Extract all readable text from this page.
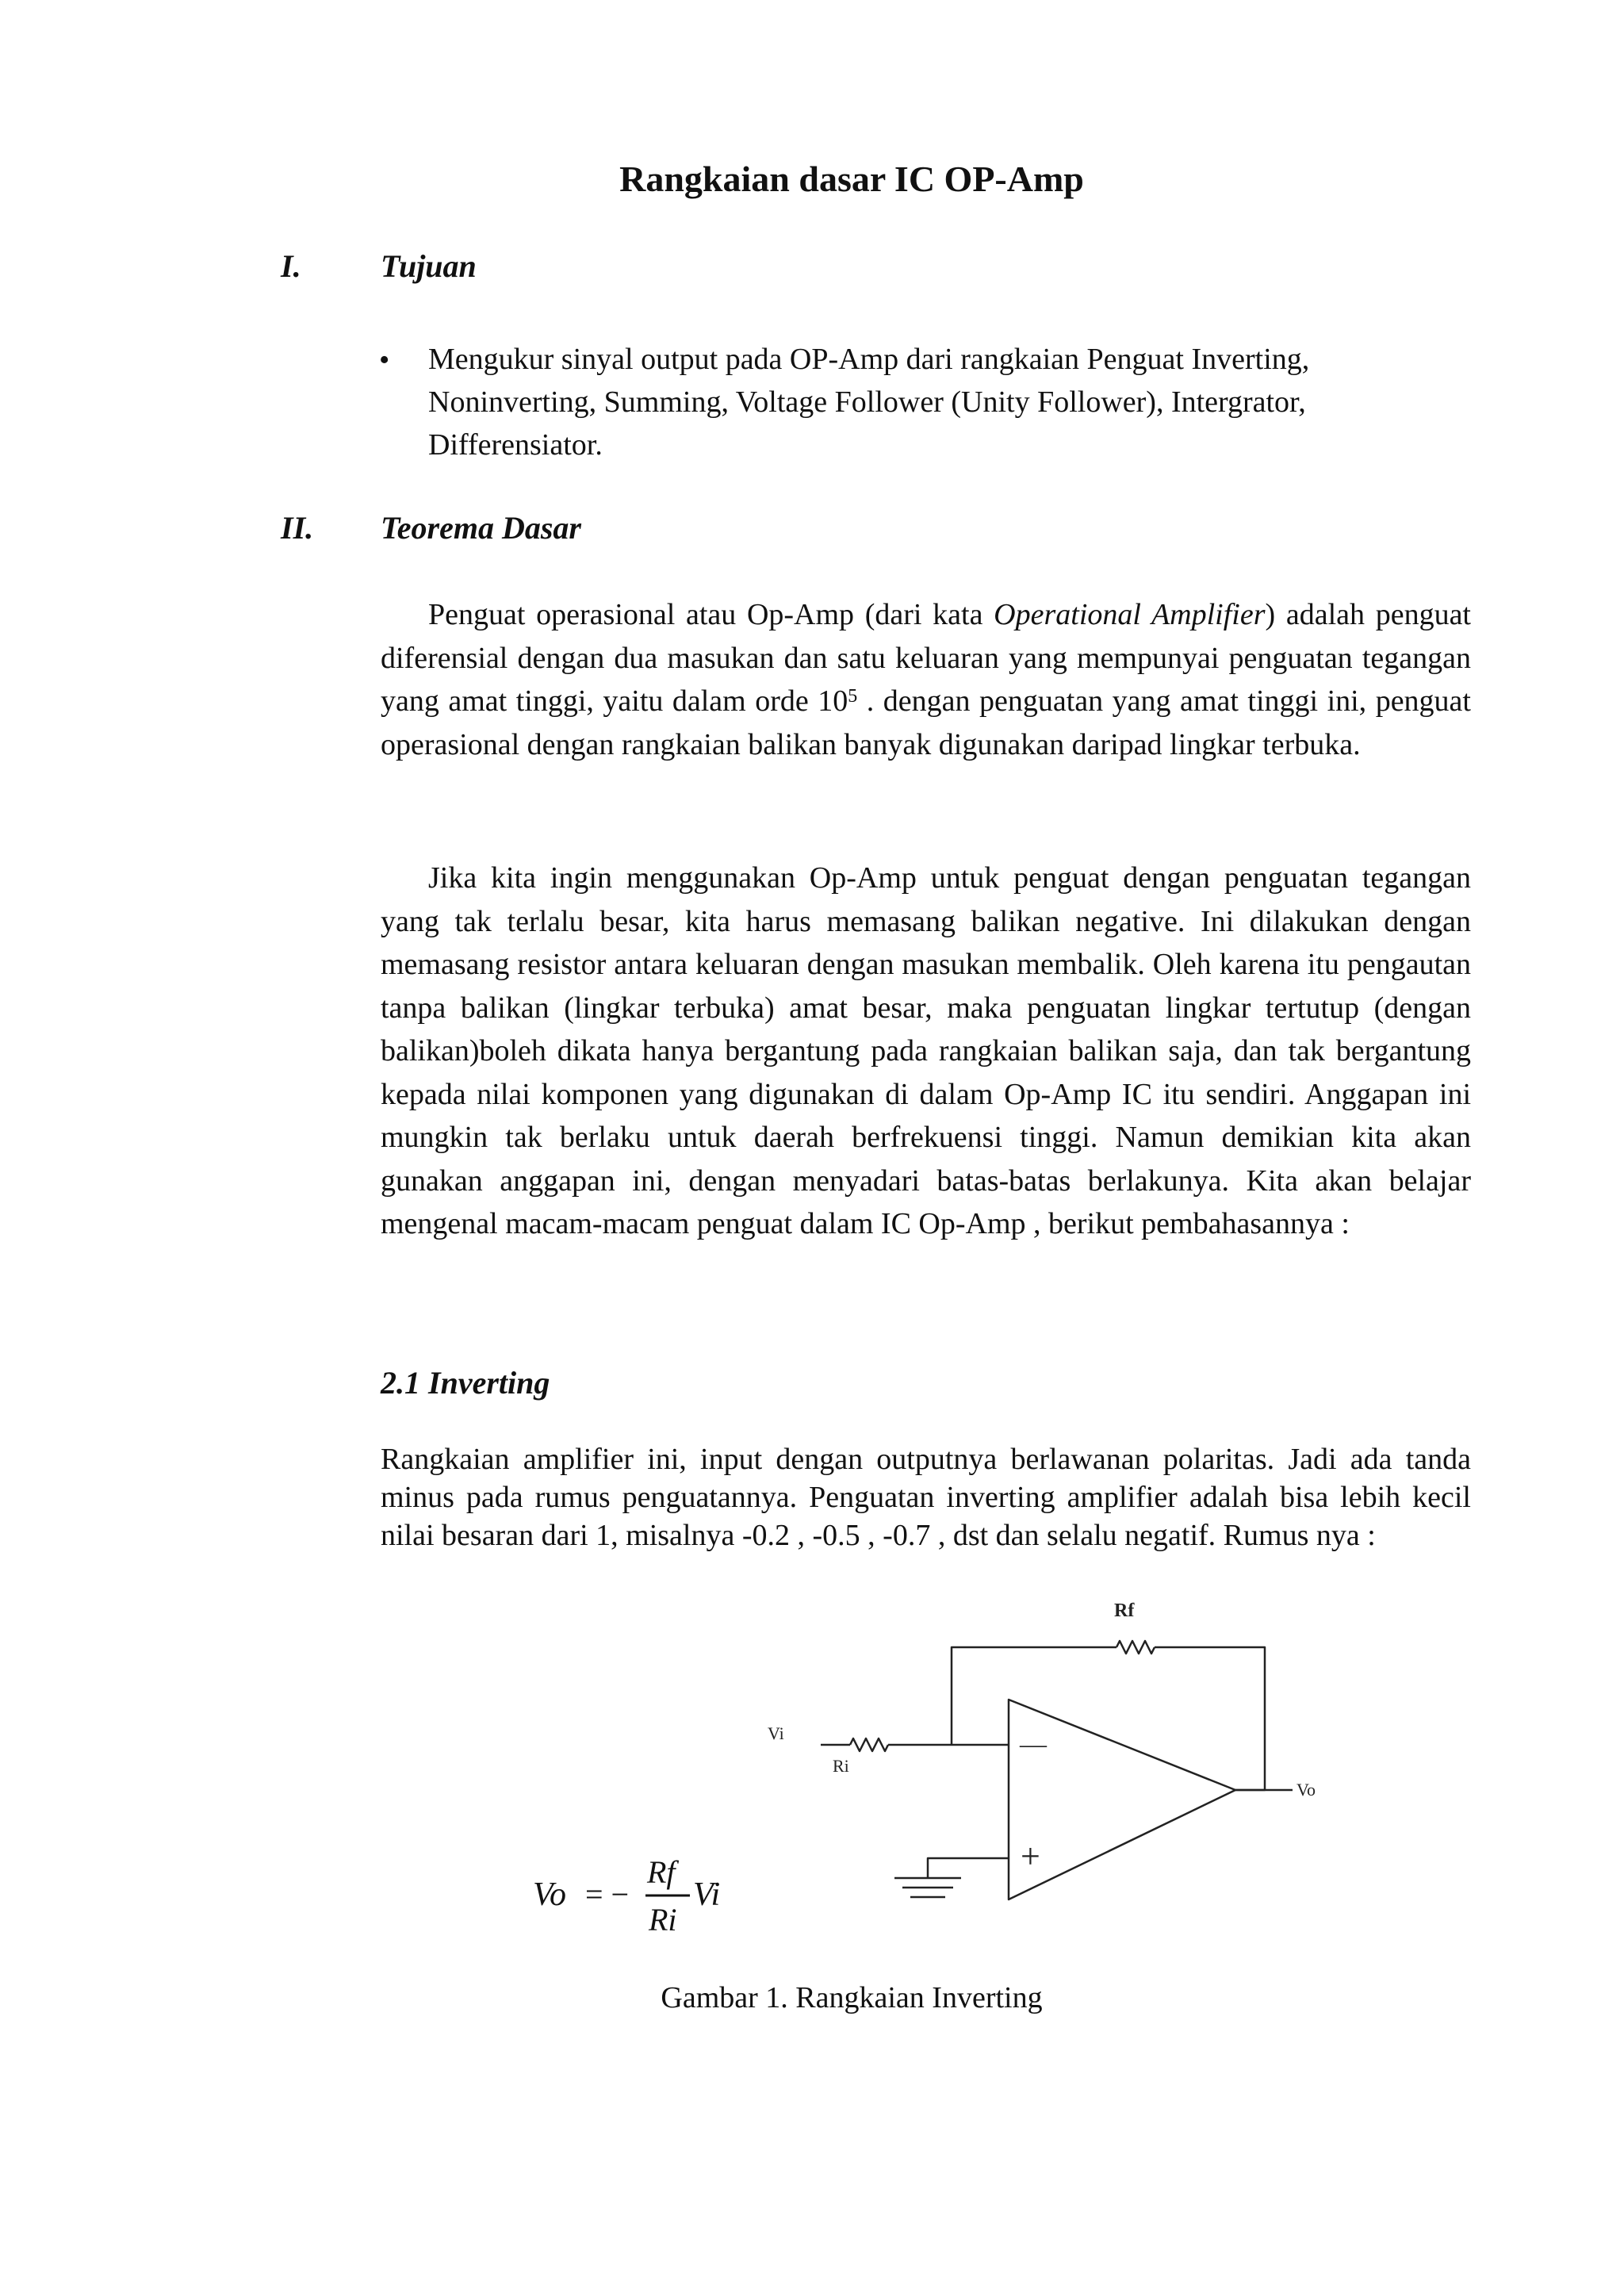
Rangkaian dasar IC OP-Amp
I.	Tujuan
• Mengukur sinyal output pada OP-Amp dari rangkaian Penguat Inverting, Noninverting, Summing, Voltage Follower (Unity Follower), Intergrator, Differensiator.
II. Teorema Dasar
Penguat operasional atau Op-Amp (dari kata Operational Amplifier) adalah penguat diferensial dengan dua masukan dan satu keluaran yang mempunyai penguatan tegangan yang amat tinggi, yaitu dalam orde $10^5$ . dengan penguatan yang amat tinggi ini, penguat operasional dengan rangkaian balikan banyak digunakan daripad lingkar terbuka.
Jika kita ingin menggunakan Op-Amp untuk penguat dengan penguatan tegangan yang tak terlalu besar, kita harus memasang balikan negative. Ini dilakukan dengan memasang resistor antara keluaran dengan masukan membalik. Oleh karena itu pengautan tanpa balikan (lingkar terbuka) amat besar, maka penguatan lingkar tertutup (dengan balikan)boleh dikata hanya bergantung pada rangkaian balikan saja, dan tak bergantung kepada nilai komponen yang digunakan di dalam Op-Amp IC itu sendiri. Anggapan ini mungkin tak berlaku untuk daerah berfrekuensi tinggi. Namun demikian kita akan gunakan anggapan ini, dengan menyadari batas-batas berlakunya. Kita akan belajar mengenal macam-macam penguat dalam IC Op-Amp , berikut pembahasannya :
2.1 Inverting
Rangkaian amplifier ini, input dengan outputnya berlawanan polaritas. Jadi ada tanda minus pada rumus penguatannya. Penguatan inverting amplifier adalah bisa lebih kecil nilai besaran dari 1, misalnya -0.2 , -0.5 , -0.7 , dst dan selalu negatif. Rumus nya :
Rf
Vi
Ri
Vo
—
+
Vo = −
Rf
Ri
Vi
Gambar 1. Rangkaian Inverting
